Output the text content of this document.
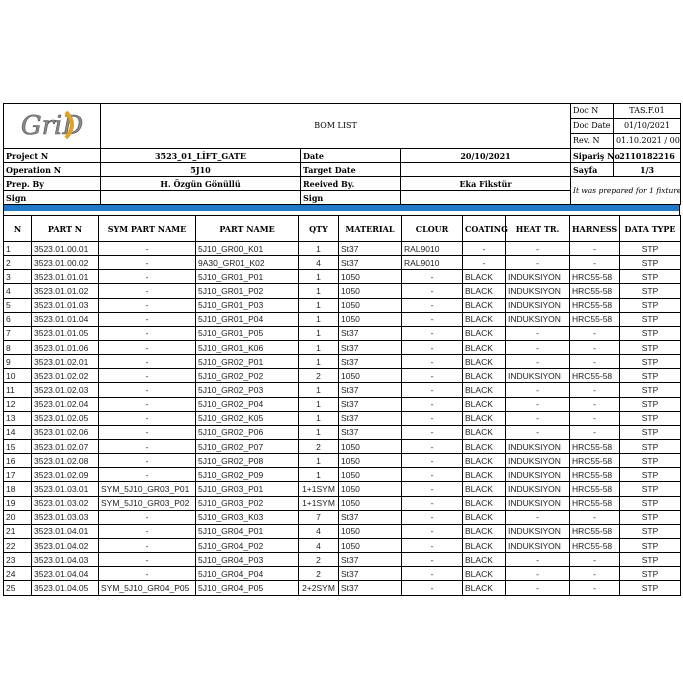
GriD	BOM LIST			Doc N	TAS.F.01
				Doc Date	01/10/2021
				Rev. N	01.10.2021 / 00
Project N	3523_01_LİFT_GATE	Date	20/10/2021	Sipariş No	2110182216
Operation N	5J10	Target Date		Sayfa	1/3
Prep. By	H. Özgün Gönüllü	Reeived By.	Eka Fikstür	It was prepared for 1 fixture	
Sign		Sign			
N	PART N	SYM PART NAME	PART NAME	QTY	MATERIAL	CLOUR	COATING	HEAT TR.	HARNESS	DATA TYPE
1	3523.01.00.01	-	5J10_GR00_K01	1	St37	RAL9010	-	-	-	STP
2	3523.01.00.02	-	9A30_GR01_K02	4	St37	RAL9010	-	-	-	STP
3	3523.01.01.01	-	5J10_GR01_P01	1	1050	-	BLACK	INDUKSIYON	HRC55-58	STP
4	3523.01.01.02	-	5J10_GR01_P02	1	1050	-	BLACK	INDUKSIYON	HRC55-58	STP
5	3523.01.01.03	-	5J10_GR01_P03	1	1050	-	BLACK	INDUKSIYON	HRC55-58	STP
6	3523.01.01.04	-	5J10_GR01_P04	1	1050	-	BLACK	INDUKSIYON	HRC55-58	STP
7	3523.01.01.05	-	5J10_GR01_P05	1	St37	-	BLACK	-	-	STP
8	3523.01.01.06	-	5J10_GR01_K06	1	St37	-	BLACK	-	-	STP
9	3523.01.02.01	-	5J10_GR02_P01	1	St37	-	BLACK	-	-	STP
10	3523.01.02.02	-	5J10_GR02_P02	2	1050	-	BLACK	INDUKSIYON	HRC55-58	STP
11	3523.01.02.03	-	5J10_GR02_P03	1	St37	-	BLACK	-	-	STP
12	3523.01.02.04	-	5J10_GR02_P04	1	St37	-	BLACK	-	-	STP
13	3523.01.02.05	-	5J10_GR02_K05	1	St37	-	BLACK	-	-	STP
14	3523.01.02.06	-	5J10_GR02_P06	1	St37	-	BLACK	-	-	STP
15	3523.01.02.07	-	5J10_GR02_P07	2	1050	-	BLACK	INDUKSIYON	HRC55-58	STP
16	3523.01.02.08	-	5J10_GR02_P08	1	1050	-	BLACK	INDUKSIYON	HRC55-58	STP
17	3523.01.02.09	-	5J10_GR02_P09	1	1050	-	BLACK	INDUKSIYON	HRC55-58	STP
18	3523.01.03.01	SYM_5J10_GR03_P01	5J10_GR03_P01	1+1SYM	1050	-	BLACK	INDUKSIYON	HRC55-58	STP
19	3523.01.03.02	SYM_5J10_GR03_P02	5J10_GR03_P02	1+1SYM	1050	-	BLACK	INDUKSIYON	HRC55-58	STP
20	3523.01.03.03	-	5J10_GR03_K03	7	St37	-	BLACK	-	-	STP
21	3523.01.04.01	-	5J10_GR04_P01	4	1050	-	BLACK	INDUKSIYON	HRC55-58	STP
22	3523.01.04.02	-	5J10_GR04_P02	4	1050	-	BLACK	INDUKSIYON	HRC55-58	STP
23	3523.01.04.03	-	5J10_GR04_P03	2	St37	-	BLACK	-	-	STP
24	3523.01.04.04	-	5J10_GR04_P04	2	St37	-	BLACK	-	-	STP
25	3523.01.04.05	SYM_5J10_GR04_P05	5J10_GR04_P05	2+2SYM	St37	-	BLACK	-	-	STP
